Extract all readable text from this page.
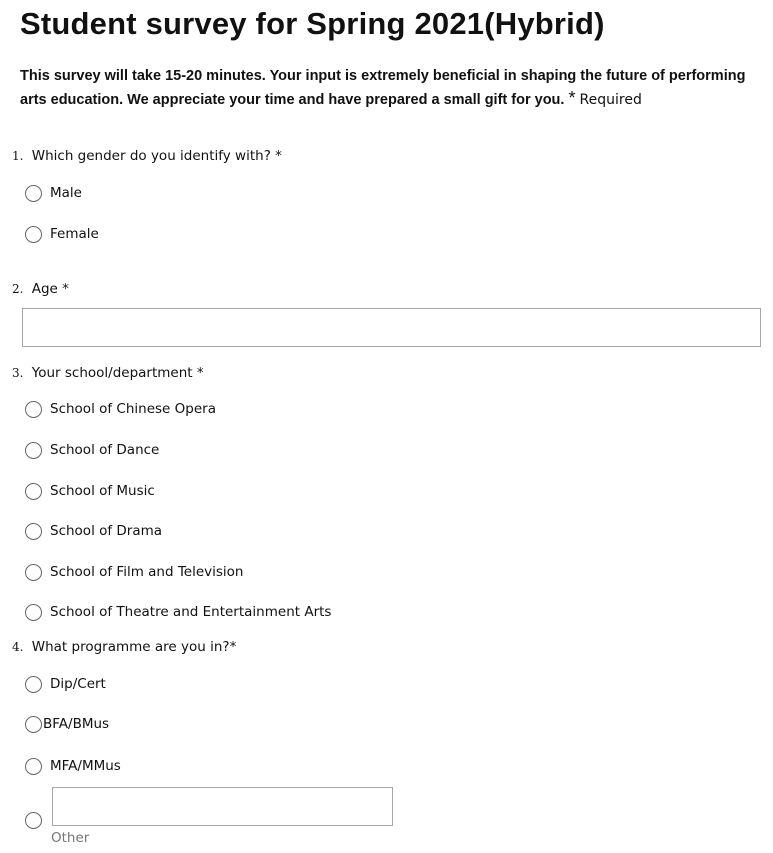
Student survey for Spring 2021(Hybrid)

This survey will take 15-20 minutes. Your input is extremely beneficial in shaping the future of performing arts education. We appreciate your time and have prepared a small gift for you. * Required

1. Which gender do you identify with? *
Male
Female
2. Age *
3. Your school/department *
School of Chinese Opera
School of Dance
School of Music
School of Drama
School of Film and Television
School of Theatre and Entertainment Arts
4. What programme are you in?*
Dip/Cert
BFA/BMus
MFA/MMus
Other
